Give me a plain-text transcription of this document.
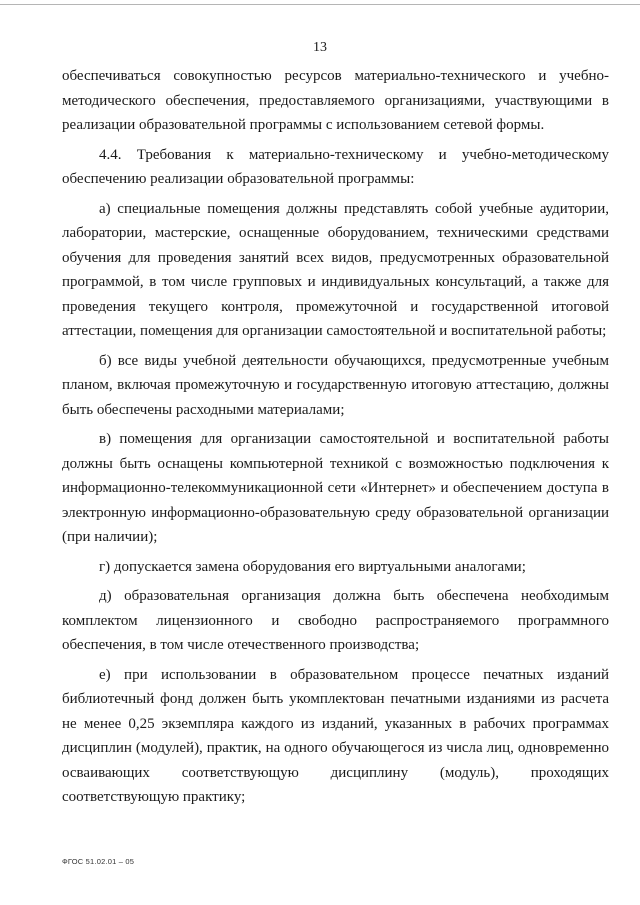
13

обеспечиваться совокупностью ресурсов материально-технического и учебно-методического обеспечения, предоставляемого организациями, участвующими в реализации образовательной программы с использованием сетевой формы.

4.4. Требования к материально-техническому и учебно-методическому обеспечению реализации образовательной программы:

а) специальные помещения должны представлять собой учебные аудитории, лаборатории, мастерские, оснащенные оборудованием, техническими средствами обучения для проведения занятий всех видов, предусмотренных образовательной программой, в том числе групповых и индивидуальных консультаций, а также для проведения текущего контроля, промежуточной и государственной итоговой аттестации, помещения для организации самостоятельной и воспитательной работы;

б) все виды учебной деятельности обучающихся, предусмотренные учебным планом, включая промежуточную и государственную итоговую аттестацию, должны быть обеспечены расходными материалами;

в) помещения для организации самостоятельной и воспитательной работы должны быть оснащены компьютерной техникой с возможностью подключения к информационно-телекоммуникационной сети «Интернет» и обеспечением доступа в электронную информационно-образовательную среду образовательной организации (при наличии);

г) допускается замена оборудования его виртуальными аналогами;

д) образовательная организация должна быть обеспечена необходимым комплектом лицензионного и свободно распространяемого программного обеспечения, в том числе отечественного производства;

е) при использовании в образовательном процессе печатных изданий библиотечный фонд должен быть укомплектован печатными изданиями из расчета не менее 0,25 экземпляра каждого из изданий, указанных в рабочих программах дисциплин (модулей), практик, на одного обучающегося из числа лиц, одновременно осваивающих соответствующую дисциплину (модуль), проходящих соответствующую практику;

ФГОС 51.02.01 – 05
